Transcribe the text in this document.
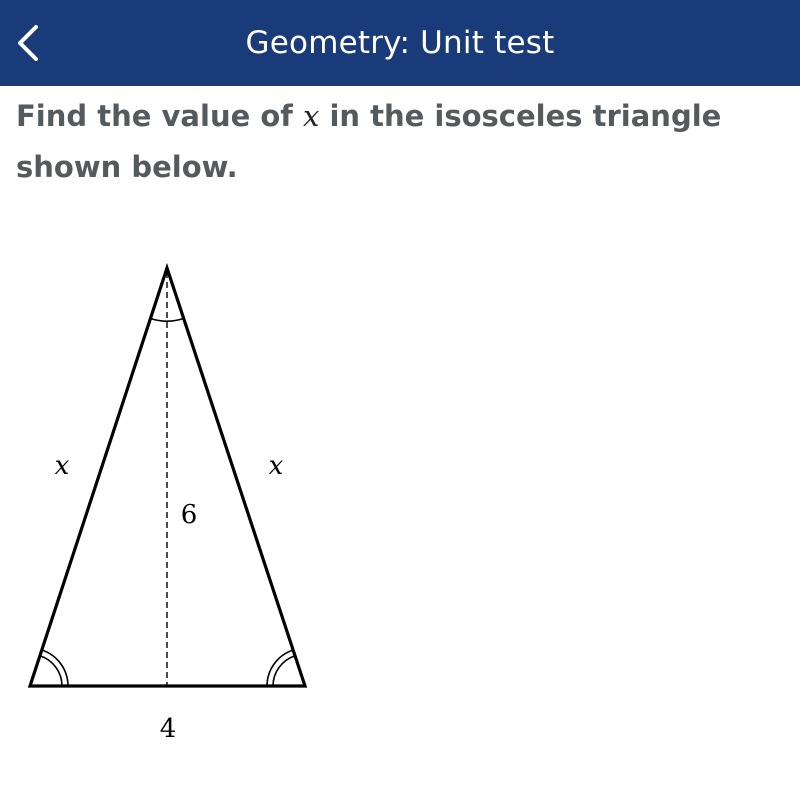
Geometry: Unit test
Find the value of x in the isosceles triangle shown below.
x	x
6
4
